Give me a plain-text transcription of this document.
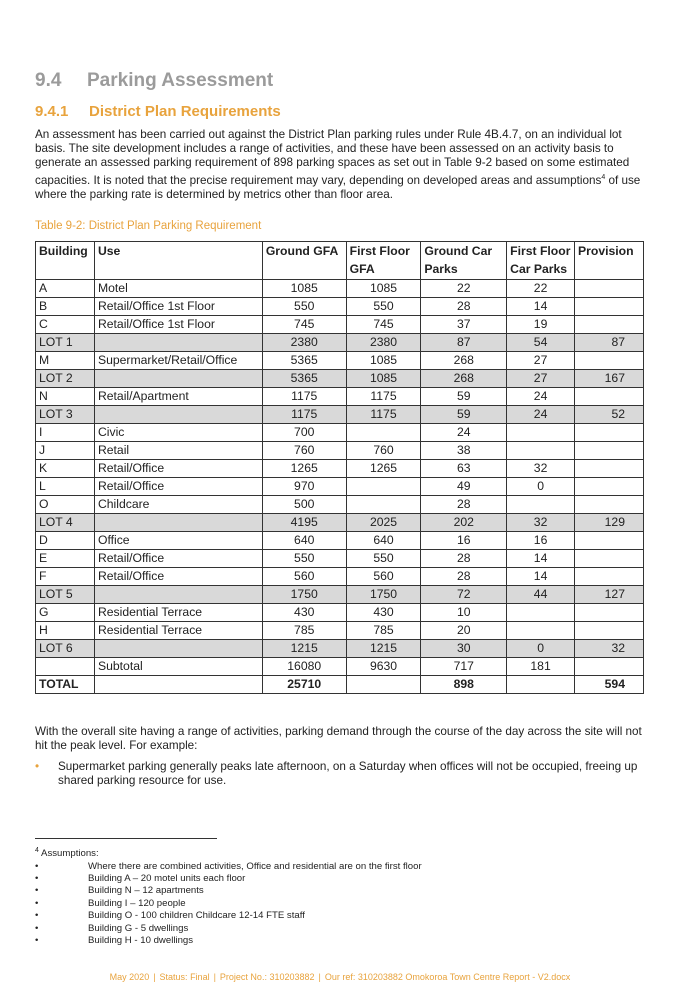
9.4 Parking Assessment
9.4.1 District Plan Requirements

An assessment has been carried out against the District Plan parking rules under Rule 4B.4.7, on an individual lot basis. The site development includes a range of activities, and these have been assessed on an activity basis to generate an assessed parking requirement of 898 parking spaces as set out in Table 9-2 based on some estimated capacities. It is noted that the precise requirement may vary, depending on developed areas and assumptions$^4$ of use where the parking rate is determined by metrics other than floor area.

Table 9-2: District Plan Parking Requirement
Building	Use	Ground GFA	First Floor GFA	Ground Car Parks	First Floor Car Parks	Provision
A	Motel	1085	1085	22	22	
B	Retail/Office 1st Floor	550	550	28	14	
C	Retail/Office 1st Floor	745	745	37	19	
LOT 1		2380	2380	87	54	87
M	Supermarket/Retail/Office	5365	1085	268	27	
LOT 2		5365	1085	268	27	167
N	Retail/Apartment	1175	1175	59	24	
LOT 3		1175	1175	59	24	52
I	Civic	700		24		
J	Retail	760	760	38		
K	Retail/Office	1265	1265	63	32	
L	Retail/Office	970		49	0	
O	Childcare	500		28		
LOT 4		4195	2025	202	32	129
D	Office	640	640	16	16	
E	Retail/Office	550	550	28	14	
F	Retail/Office	560	560	28	14	
LOT 5		1750	1750	72	44	127
G	Residential Terrace	430	430	10		
H	Residential Terrace	785	785	20		
LOT 6		1215	1215	30	0	32
	Subtotal	16080	9630	717	181	
TOTAL		25710		898		594

With the overall site having a range of activities, parking demand through the course of the day across the site will not hit the peak level. For example:

• Supermarket parking generally peaks late afternoon, on a Saturday when offices will not be occupied, freeing up shared parking resource for use.
$^4$ Assumptions:
•	Where there are combined activities, Office and residential are on the first floor
•	Building A – 20 motel units each floor
•	Building N – 12 apartments
•	Building I – 120 people
•	Building O - 100 children Childcare 12-14 FTE staff
•	Building G - 5 dwellings
•	Building H - 10 dwellings
May 2020 | Status: Final | Project No.: 310203882 | Our ref: 310203882 Omokoroa Town Centre Report - V2.docx
